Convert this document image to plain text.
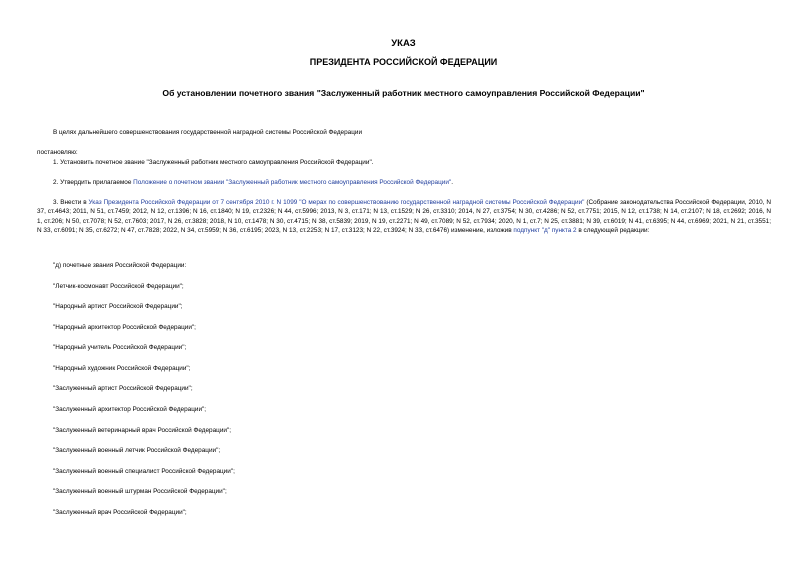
УКАЗ
ПРЕЗИДЕНТА РОССИЙСКОЙ ФЕДЕРАЦИИ
Об установлении почетного звания "Заслуженный работник местного самоуправления Российской Федерации"
В целях дальнейшего совершенствования государственной наградной системы Российской Федерации
постановляю:
1. Установить почетное звание "Заслуженный работник местного самоуправления Российской Федерации".
2. Утвердить прилагаемое Положение о почетном звании "Заслуженный работник местного самоуправления Российской Федерации".
3. Внести в Указ Президента Российской Федерации от 7 сентября 2010 г. N 1099 "О мерах по совершенствованию государственной наградной системы Российской Федерации" (Собрание законодательства Российской Федерации, 2010, N 37, ст.4643; 2011, N 51, ст.7459; 2012, N 12, ст.1396; N 16, ст.1840; N 19, ст.2326; N 44, ст.5996; 2013, N 3, ст.171; N 13, ст.1529; N 26, ст.3310; 2014, N 27, ст.3754; N 30, ст.4286; N 52, ст.7751; 2015, N 12, ст.1738; N 14, ст.2107; N 18, ст.2692; 2016, N 1, ст.206; N 50, ст.7078; N 52, ст.7603; 2017, N 26, ст.3828; 2018, N 10, ст.1478; N 30, ст.4715; N 38, ст.5839; 2019, N 19, ст.2271; N 49, ст.7089; N 52, ст.7934; 2020, N 1, ст.7; N 25, ст.3881; N 39, ст.6019; N 41, ст.6395; N 44, ст.6969; 2021, N 21, ст.3551; N 33, ст.6091; N 35, ст.6272; N 47, ст.7828; 2022, N 34, ст.5959; N 36, ст.6195; 2023, N 13, ст.2253; N 17, ст.3123; N 22, ст.3924; N 33, ст.6476) изменение, изложив подпункт "д" пункта 2 в следующей редакции:
"д) почетные звания Российской Федерации:
"Летчик-космонавт Российской Федерации";
"Народный артист Российской Федерации";
"Народный архитектор Российской Федерации";
"Народный учитель Российской Федерации";
"Народный художник Российской Федерации";
"Заслуженный артист Российской Федерации";
"Заслуженный архитектор Российской Федерации";
"Заслуженный ветеринарный врач Российской Федерации";
"Заслуженный военный летчик Российской Федерации";
"Заслуженный военный специалист Российской Федерации";
"Заслуженный военный штурман Российской Федерации";
"Заслуженный врач Российской Федерации";
